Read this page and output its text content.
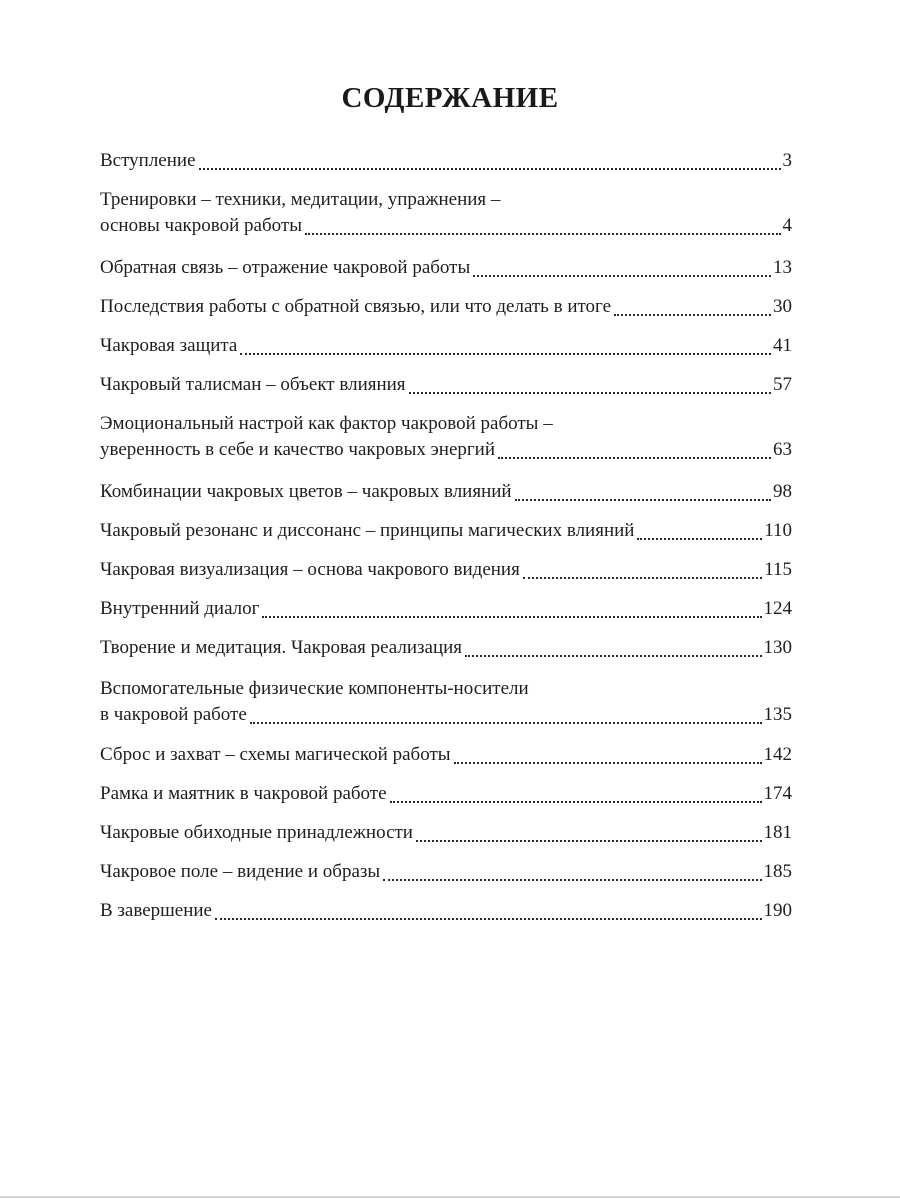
СОДЕРЖАНИЕ
Вступление	3
Тренировки – техники, медитации, упражнения –
основы чакровой работы	4
Обратная связь – отражение чакровой работы	13
Последствия работы с обратной связью, или что делать в итоге	30
Чакровая защита	41
Чакровый талисман – объект влияния	57
Эмоциональный настрой как фактор чакровой работы –
уверенность в себе и качество чакровых энергий	63
Комбинации чакровых цветов – чакровых влияний	98
Чакровый резонанс и диссонанс – принципы магических влияний	110
Чакровая визуализация – основа чакрового видения	115
Внутренний диалог	124
Творение и медитация. Чакровая реализация	130
Вспомогательные физические компоненты-носители
в чакровой работе	135
Сброс и захват – схемы магической работы	142
Рамка и маятник в чакровой работе	174
Чакровые обиходные принадлежности	181
Чакровое поле – видение и образы	185
В завершение	190
